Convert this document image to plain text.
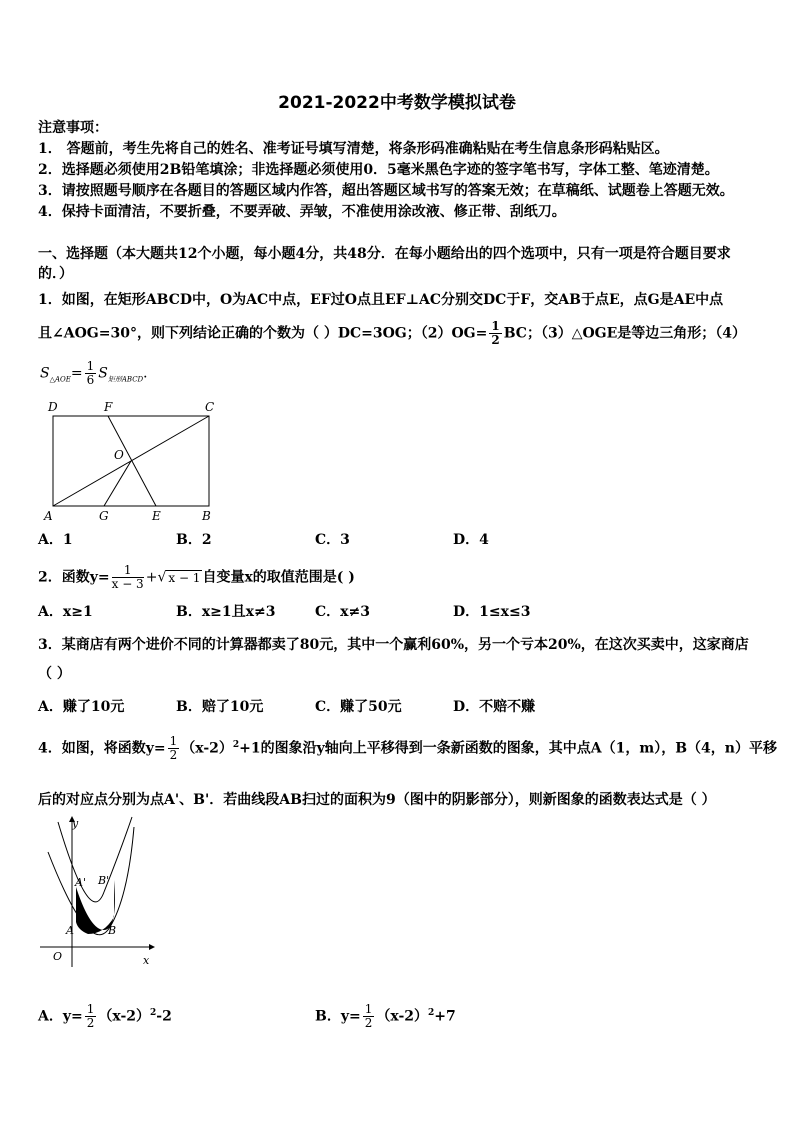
2021-2022中考数学模拟试卷
注意事项：
1． 答题前，考生先将自己的姓名、准考证号填写清楚，将条形码准确粘贴在考生信息条形码粘贴区。
2．选择题必须使用2B铅笔填涂；非选择题必须使用0．5毫米黑色字迹的签字笔书写，字体工整、笔迹清楚。
3．请按照题号顺序在各题目的答题区域内作答，超出答题区域书写的答案无效；在草稿纸、试题卷上答题无效。
4．保持卡面清洁，不要折叠，不要弄破、弄皱，不准使用涂改液、修正带、刮纸刀。
一、选择题（本大题共12个小题，每小题4分，共48分．在每小题给出的四个选项中，只有一项是符合题目要求
的．）
1．如图，在矩形ABCD中，O为AC中点，EF过O点且EF⊥AC分别交DC于F，交AB于点E，点G是AE中点
且∠AOG=30°，则下列结论正确的个数为（ ）DC=3OG；$(2)OG= \frac{1}{2}$ BC；（3）△OGE是等边三角形；（4）
$S_{\triangle AOE}= \frac{1}{6} S_{矩形ABCD}$．
D	F	C
O
A	G	E	B
A．1	B．2	C．3	D．4
2．函数$y= \frac{1}{x - 3}$ +√ x − 1 自变量x的取值范围是( )
A．x≥1	B．x≥1且x≠3	C．x≠3	D．1≤x≤3
3．某商店有两个进价不同的计算器都卖了80元，其中一个赢利60%，另一个亏本20%，在这次买卖中，这家商店
（ ）
A．赚了10元	B．赔了10元	C．赚了50元	D．不赔不赚
4．如图，将函数$y= \frac{1}{2} (x-2)^2+1$的图象沿y轴向上平移得到一条新函数的图象，其中点A（1，m），B（4，n）平移
后的对应点分别为点A'、B'．若曲线段AB扫过的面积为9（图中的阴影部分），则新图象的函数表达式是（ ）
y
x
O
A	B
A' B'
A．$y= \frac{1}{2} (x-2)^2-2$	B．$y= \frac{1}{2} (x-2)^2+7$
